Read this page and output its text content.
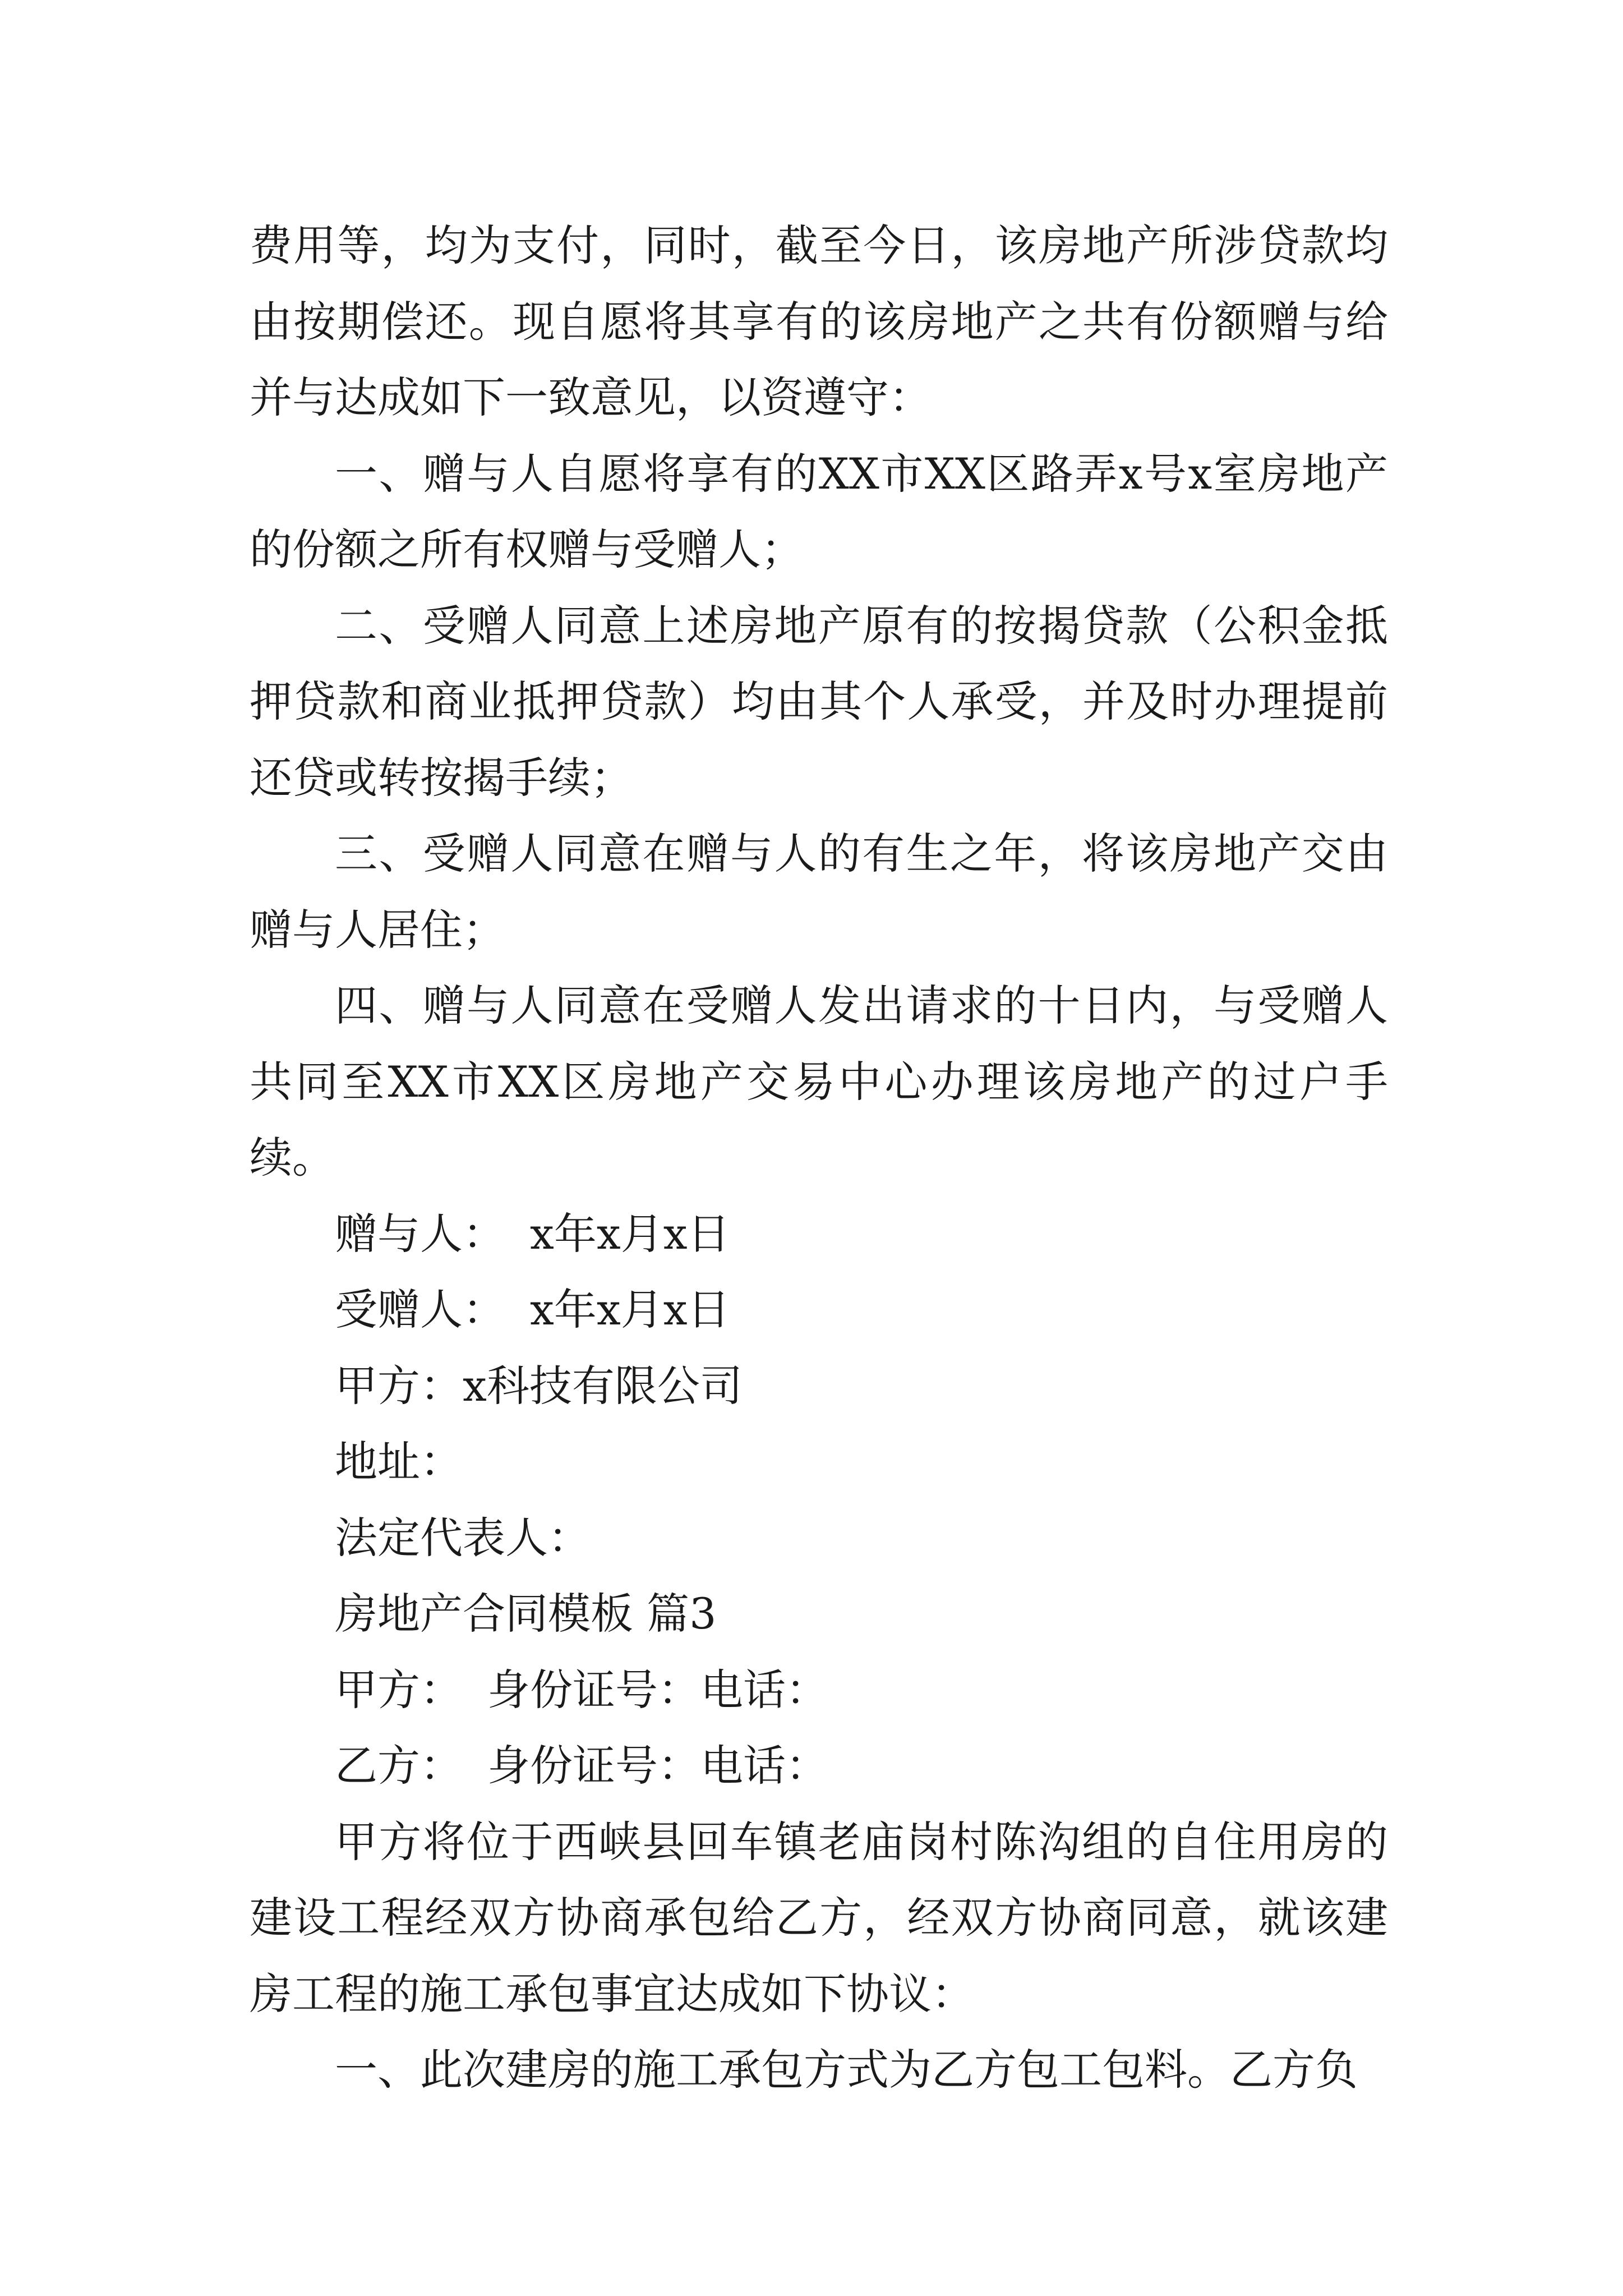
费用等，均为支付，同时，截至今日，该房地产所涉贷款均由按期偿还。现自愿将其享有的该房地产之共有份额赠与给并与达成如下一致意见，以资遵守：

一、赠与人自愿将享有的XX市XX区路弄x号x室房地产的份额之所有权赠与受赠人；

二、受赠人同意上述房地产原有的按揭贷款（公积金抵押贷款和商业抵押贷款）均由其个人承受，并及时办理提前还贷或转按揭手续；

三、受赠人同意在赠与人的有生之年，将该房地产交由赠与人居住；

四、赠与人同意在受赠人发出请求的十日内，与受赠人共同至XX市XX区房地产交易中心办理该房地产的过户手续。

赠与人： x年x月x日

受赠人： x年x月x日

甲方：x科技有限公司

地址：

法定代表人：

房地产合同模板 篇3

甲方： 身份证号：电话：

乙方： 身份证号：电话：

甲方将位于西峡县回车镇老庙岗村陈沟组的自住用房的建设工程经双方协商承包给乙方，经双方协商同意，就该建房工程的施工承包事宜达成如下协议：

一、此次建房的施工承包方式为乙方包工包料。乙方负
